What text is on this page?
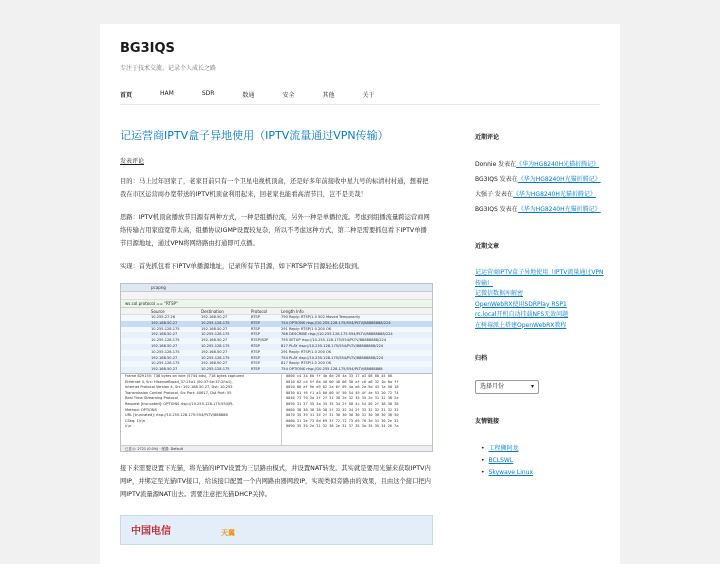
BG3IQS
专注于技术交流、记录个人成长之路
首页	HAM	SDR	数通	安全	其他	关于
记运营商IPTV盒子异地使用（IPTV流量通过VPN传输）
发表评论
目的：马上过年回家了，老家目前只有一个卫星电视机顶盒，还是好多年前接收中星九号的标清村村通，想着把我在市区运营商办宽带送的IPTV机顶盒利用起来，回老家也能看高清节目，岂不是美哉！
思路：IPTV机顶盒播放节目源有两种方式，一种是组播拉流，另外一种是单播拉流。考虑到组播流量跨运营商网络传输占用家庭宽带太高，组播协议IGMP设置较复杂，所以不考虑这种方式，第二种是需要抓包看下IPTV单播节目源地址，通过VPN将网络路由打通即可点播。
实现：首先抓包看下IPTV单播源地址，记录所有节目源，如下RTSP节目源轻松获取到。
pcapng
ws.col.protocol == "RTSP"
Source	Destination	Protocol	Length Info
10.255.27.26	192.168.50.27	RTSP	790 Reply: RTSP/1.0 502 Moved Temporarily
192.168.50.27	10.255.128.175	RTSP	754 OPTIONS rtsp://10.255.128.175/554/PLTV/88888888/224
10.255.128.175	192.168.50.27	RTSP	291 Reply: RTSP/1.0 200 OK
192.168.50.27	10.255.128.175	RTSP	766 DESCRIBE rtsp://10.255.128.175:554/PLTV/88888888/224
10.255.128.175	192.168.50.27	RTSP/SDP	795 SETUP rtsp://10.255.128.175/554/PLTV/88888888/224
192.168.50.27	10.255.128.175	RTSP	817 PLAY rtsp://10.255.128.175/554/PLTV/88888888/224
10.255.128.175	192.168.50.27	RTSP	291 Reply: RTSP/1.0 200 OK
192.168.50.27	10.255.128.175	RTSP	754 PLAY rtsp://10.255.128.175/554/PLTV/88888888/224
10.255.128.175	192.168.50.27	RTSP	817 Reply: RTSP/1.0 200 OK
192.168.50.27	10.255.128.175	RTSP	754 OPTIONS rtsp://10.255.128.175/554/PLTV/88888888
Frame 829155: 738 bytes on wire (5744 bits), 718 bytes captured
Ethernet II, Src: HisenseBroad_37:2f:a1 (00:37:4e:37:2f:a1),
Internet Protocol Version 4, Src: 192.168.50.27, Dst: 10.255
Transmission Control Protocol, Src Port: 40617, Dst Port: 55
Real Time Streaming Protocol
Request [truncated]: OPTIONS rtsp://10.255.128.175:554/PL
Method: OPTIONS
URL [truncated]: rtsp://10.255.128.175:554/PLTV/888888
CSeq: 1\r\n
\r\n
0000 c4 34 6b ff 4b 8d 20 4a 33 17 a3 08 00 45 00
0010 02 c4 5f 6b 40 00 40 06 38 af c0 a8 32 1b 0a ff
0020 80 af 9e a9 02 2a 6f 09 4a e6 2a 9d 43 7a 50 18
0030 01 f6 f1 a3 00 00 4f 50 54 49 4f 4e 53 20 72 74
0040 73 70 3a 2f 2f 31 30 2e 32 35 35 2e 31 32 38 2e
0050 31 37 35 3a 35 35 34 2f 50 4c 54 56 2f 38 38 38
0060 38 38 38 38 38 2f 32 32 34 2f 33 32 32 31 32 32
0070 35 39 31 34 2f 31 30 30 30 30 31 30 30 30 30 30
0080 31 2e 73 6d 69 3f 72 72 73 69 70 3d 31 30 2e 32
0090 35 35 2e 31 32 38 2e 31 37 35 3a 35 35 34 26 7a
已显示: 2721 (0.0%) · 配置: Default
接下来需要设置下光猫，将光猫的IPTV设置为三层路由模式，并设置NAT转发。其实就是要用光猫来获取IPTV内网IP，并绑定至光猫ITV接口，给该接口配置一个内网路由器网段IP，实现类似旁路由的效果，且由这个接口把内网IPTV流量源NAT出去。需要注意把光猫DHCP关掉。
中国电信	天翼
近期评论
Donnie 发表在《华为HG8240H光猫折腾记》
BG3IQS 发表在《华为HG8240H光猫折腾记》
大强子 发表在《华为HG8240H光猫折腾记》
BG3IQS 发表在《华为HG8240H光猫折腾记》
近期文章
记运营商IPTV盒子异地使用（IPTV流量通过VPN传输）
记微信数据库解密
OpenWebRX使用SDRPlay RSP1
rc.local开机自动挂载NFS无效问题
在树莓派上搭建OpenWebRX教程
归档
选择月份	▾
友情链接
• 工程狮阿龙
• BCLSWL
• Skywave Linux
